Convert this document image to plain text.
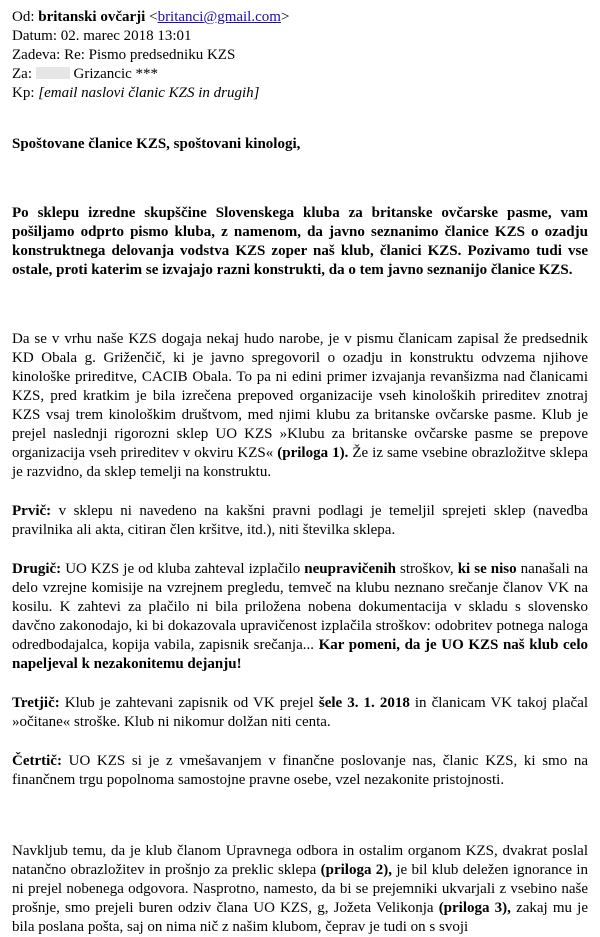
Od: britanski ovčarji <britanci@gmail.com>
Datum: 02. marec 2018 13:01
Zadeva: Re: Pismo predsedniku KZS
Za:	Grizancic ***
Kp: [email naslovi članic KZS in drugih]
Spoštovane članice KZS, spoštovani kinologi,
Po sklepu izredne skupščine Slovenskega kluba za britanske ovčarske pasme, vam pošiljamo odprto pismo kluba, z namenom, da javno seznanimo članice KZS o ozadju konstruktnega delovanja vodstva KZS zoper naš klub, članici KZS. Pozivamo tudi vse ostale, proti katerim se izvajajo razni konstrukti, da o tem javno seznanijo članice KZS.

Da se v vrhu naše KZS dogaja nekaj hudo narobe, je v pismu članicam zapisal že predsednik KD Obala g. Griženčič, ki je javno spregovoril o ozadju in konstruktu odvzema njihove kinološke prireditve, CACIB Obala. To pa ni edini primer izvajanja revanšizma nad članicami KZS, pred kratkim je bila izrečena prepoved organizacije vseh kinoloških prireditev znotraj KZS vsaj trem kinološkim društvom, med njimi klubu za britanske ovčarske pasme. Klub je prejel naslednji rigorozni sklep UO KZS »Klubu za britanske ovčarske pasme se prepove organizacija vseh prireditev v okviru KZS« (priloga 1). Že iz same vsebine obrazložitve sklepa je razvidno, da sklep temelji na konstruktu.

Prvič: v sklepu ni navedeno na kakšni pravni podlagi je temeljil sprejeti sklep (navedba pravilnika ali akta, citiran člen kršitve, itd.), niti številka sklepa.

Drugič: UO KZS je od kluba zahteval izplačilo neupravičenih stroškov, ki se niso nanašali na delo vzrejne komisije na vzrejnem pregledu, temveč na klubu neznano srečanje članov VK na kosilu. K zahtevi za plačilo ni bila priložena nobena dokumentacija v skladu s slovensko davčno zakonodajo, ki bi dokazovala upravičenost izplačila stroškov: odobritev potnega naloga odredbodajalca, kopija vabila, zapisnik srečanja... Kar pomeni, da je UO KZS naš klub celo napeljeval k nezakonitemu dejanju!

Tretjič: Klub je zahtevani zapisnik od VK prejel šele 3. 1. 2018 in članicam VK takoj plačal »očitane« stroške. Klub ni nikomur dolžan niti centa.

Četrtič: UO KZS si je z vmešavanjem v finančne poslovanje nas, članic KZS, ki smo na finančnem trgu popolnoma samostojne pravne osebe, vzel nezakonite pristojnosti.

Navkljub temu, da je klub članom Upravnega odbora in ostalim organom KZS, dvakrat poslal natančno obrazložitev in prošnjo za preklic sklepa (priloga 2), je bil klub deležen ignorance in ni prejel nobenega odgovora. Nasprotno, namesto, da bi se prejemniki ukvarjali z vsebino naše prošnje, smo prejeli buren odziv člana UO KZS, g, Jožeta Velikonja (priloga 3), zakaj mu je bila poslana pošta, saj on nima nič z našim klubom, čeprav je tudi on s svoji
